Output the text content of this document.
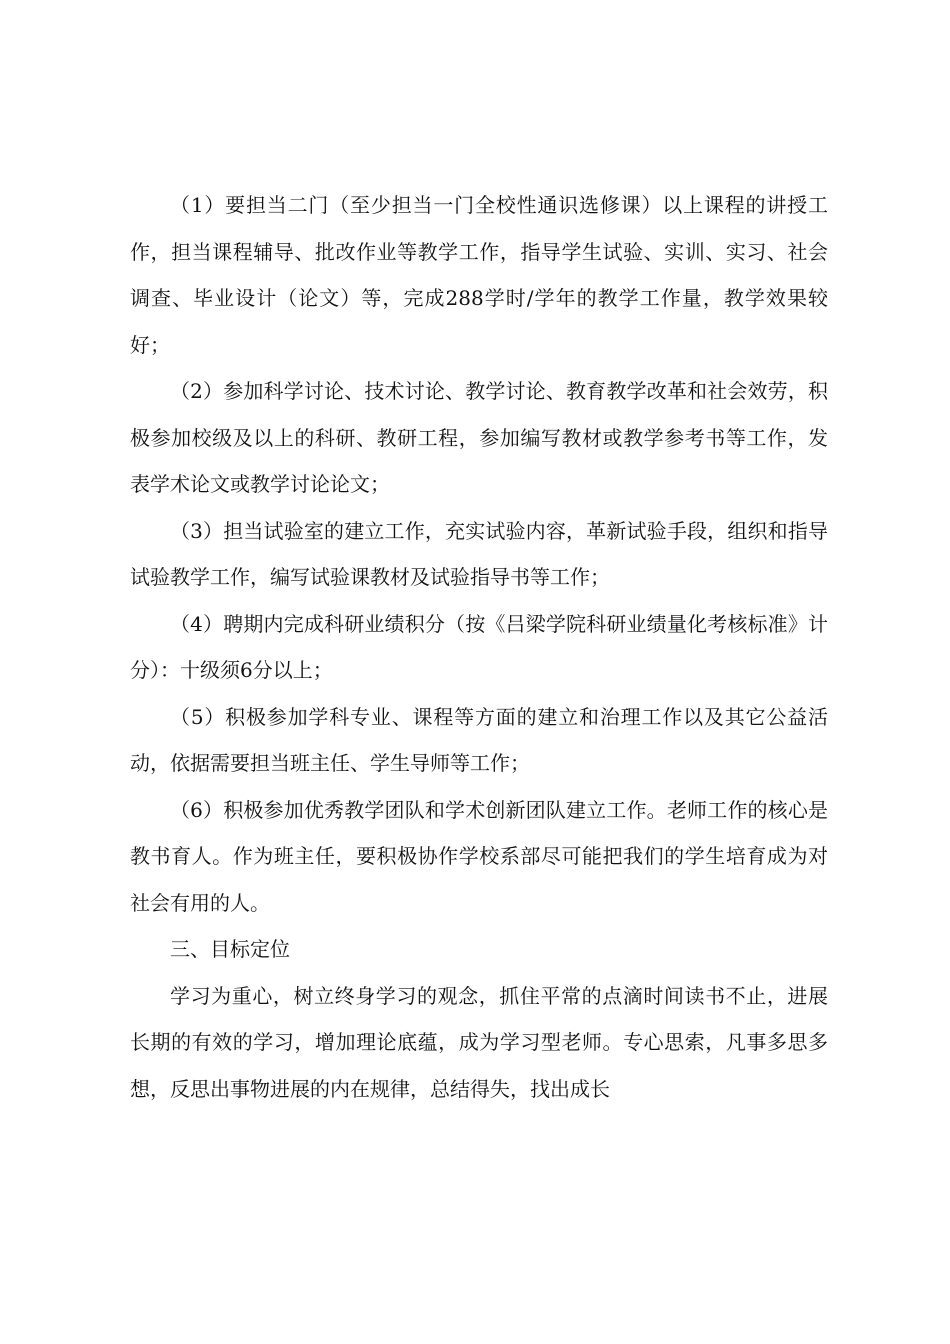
（1）要担当二门（至少担当一门全校性通识选修课）以上课程的讲授工作，担当课程辅导、批改作业等教学工作，指导学生试验、实训、实习、社会调查、毕业设计（论文）等，完成288学时/学年的教学工作量，教学效果较好；

（2）参加科学讨论、技术讨论、教学讨论、教育教学改革和社会效劳，积极参加校级及以上的科研、教研工程，参加编写教材或教学参考书等工作，发表学术论文或教学讨论论文；

（3）担当试验室的建立工作，充实试验内容，革新试验手段，组织和指导试验教学工作，编写试验课教材及试验指导书等工作；

（4）聘期内完成科研业绩积分（按《吕梁学院科研业绩量化考核标准》计分）：十级须6分以上；

（5）积极参加学科专业、课程等方面的建立和治理工作以及其它公益活动，依据需要担当班主任、学生导师等工作；

（6）积极参加优秀教学团队和学术创新团队建立工作。老师工作的核心是教书育人。作为班主任，要积极协作学校系部尽可能把我们的学生培育成为对社会有用的人。

三、目标定位

学习为重心，树立终身学习的观念，抓住平常的点滴时间读书不止，进展长期的有效的学习，增加理论底蕴，成为学习型老师。专心思索，凡事多思多想，反思出事物进展的内在规律，总结得失，找出成长
